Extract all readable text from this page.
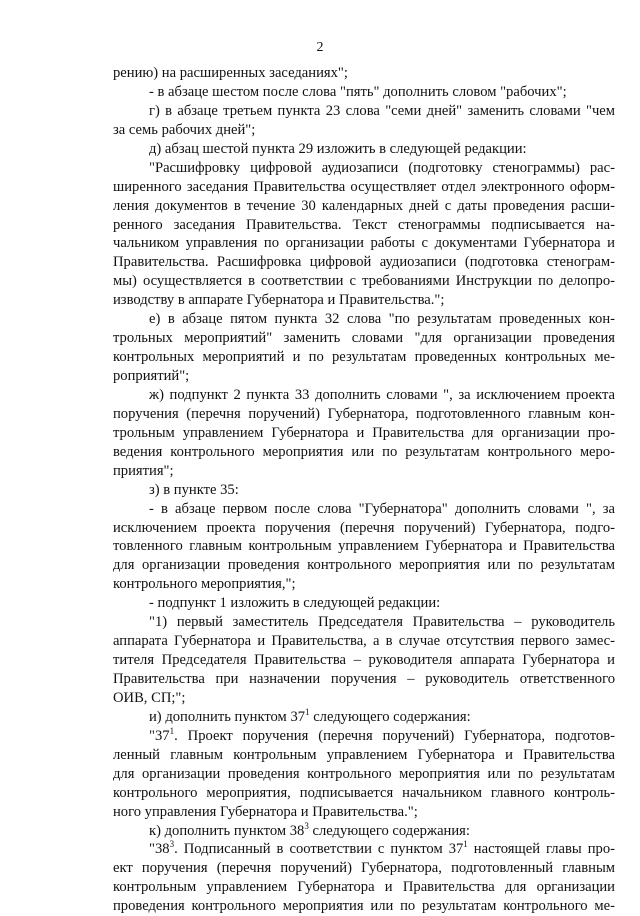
2
рению) на расширенных заседаниях";
- в абзаце шестом после слова "пять" дополнить словом "рабочих";
г) в абзаце третьем пункта 23 слова "семи дней" заменить словами "чем
за семь рабочих дней";
д) абзац шестой пункта 29 изложить в следующей редакции:
"Расшифровку цифровой аудиозаписи (подготовку стенограммы) рас-
ширенного заседания Правительства осуществляет отдел электронного оформ-
ления документов в течение 30 календарных дней с даты проведения расши-
ренного заседания Правительства. Текст стенограммы подписывается на-
чальником управления по организации работы с документами Губернатора и
Правительства. Расшифровка цифровой аудиозаписи (подготовка стенограм-
мы) осуществляется в соответствии с требованиями Инструкции по делопро-
изводству в аппарате Губернатора и Правительства.";
е) в абзаце пятом пункта 32 слова "по результатам проведенных кон-
трольных мероприятий" заменить словами "для организации проведения
контрольных мероприятий и по результатам проведенных контрольных ме-
роприятий";
ж) подпункт 2 пункта 33 дополнить словами ", за исключением проекта
поручения (перечня поручений) Губернатора, подготовленного главным кон-
трольным управлением Губернатора и Правительства для организации про-
ведения контрольного мероприятия или по результатам контрольного меро-
приятия";
з) в пункте 35:
- в абзаце первом после слова "Губернатора" дополнить словами ", за
исключением проекта поручения (перечня поручений) Губернатора, подго-
товленного главным контрольным управлением Губернатора и Правительства
для организации проведения контрольного мероприятия или по результатам
контрольного мероприятия,";
- подпункт 1 изложить в следующей редакции:
"1) первый заместитель Председателя Правительства – руководитель
аппарата Губернатора и Правительства, а в случае отсутствия первого замес-
тителя Председателя Правительства – руководителя аппарата Губернатора и
Правительства при назначении поручения – руководитель ответственного
ОИВ, СП;";
и) дополнить пунктом $37^1$ следующего содержания:
"$37^1$. Проект поручения (перечня поручений) Губернатора, подготов-
ленный главным контрольным управлением Губернатора и Правительства
для организации проведения контрольного мероприятия или по результатам
контрольного мероприятия, подписывается начальником главного контроль-
ного управления Губернатора и Правительства.";
к) дополнить пунктом $38^3$ следующего содержания:
"$38^3$. Подписанный в соответствии с пунктом $37^1$ настоящей главы про-
ект поручения (перечня поручений) Губернатора, подготовленный главным
контрольным управлением Губернатора и Правительства для организации
проведения контрольного мероприятия или по результатам контрольного ме-
